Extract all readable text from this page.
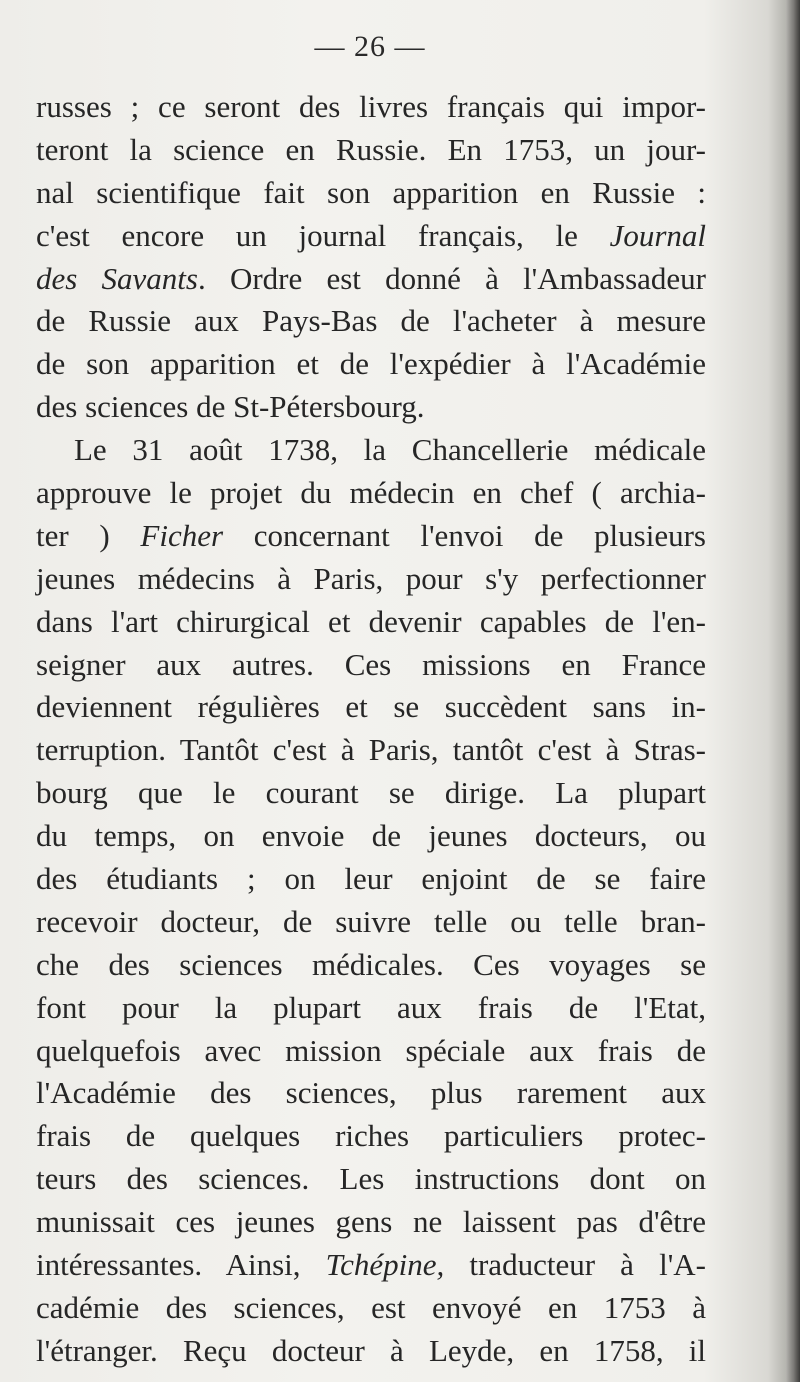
— 26 —
russes ; ce seront des livres français qui impor-
teront la science en Russie. En 1753, un jour-
nal scientifique fait son apparition en Russie :
c'est encore un journal français, le Journal
des Savants. Ordre est donné à l'Ambassadeur
de Russie aux Pays-Bas de l'acheter à mesure
de son apparition et de l'expédier à l'Académie
des sciences de St-Pétersbourg.
Le 31 août 1738, la Chancellerie médicale
approuve le projet du médecin en chef ( archia-
ter ) Ficher concernant l'envoi de plusieurs
jeunes médecins à Paris, pour s'y perfectionner
dans l'art chirurgical et devenir capables de l'en-
seigner aux autres. Ces missions en France
deviennent régulières et se succèdent sans in-
terruption. Tantôt c'est à Paris, tantôt c'est à Stras-
bourg que le courant se dirige. La plupart
du temps, on envoie de jeunes docteurs, ou
des étudiants ; on leur enjoint de se faire
recevoir docteur, de suivre telle ou telle bran-
che des sciences médicales. Ces voyages se
font pour la plupart aux frais de l'Etat,
quelquefois avec mission spéciale aux frais de
l'Académie des sciences, plus rarement aux
frais de quelques riches particuliers protec-
teurs des sciences. Les instructions dont on
munissait ces jeunes gens ne laissent pas d'être
intéressantes. Ainsi, Tchépine, traducteur à l'A-
cadémie des sciences, est envoyé en 1753 à
l'étranger. Reçu docteur à Leyde, en 1758, il
